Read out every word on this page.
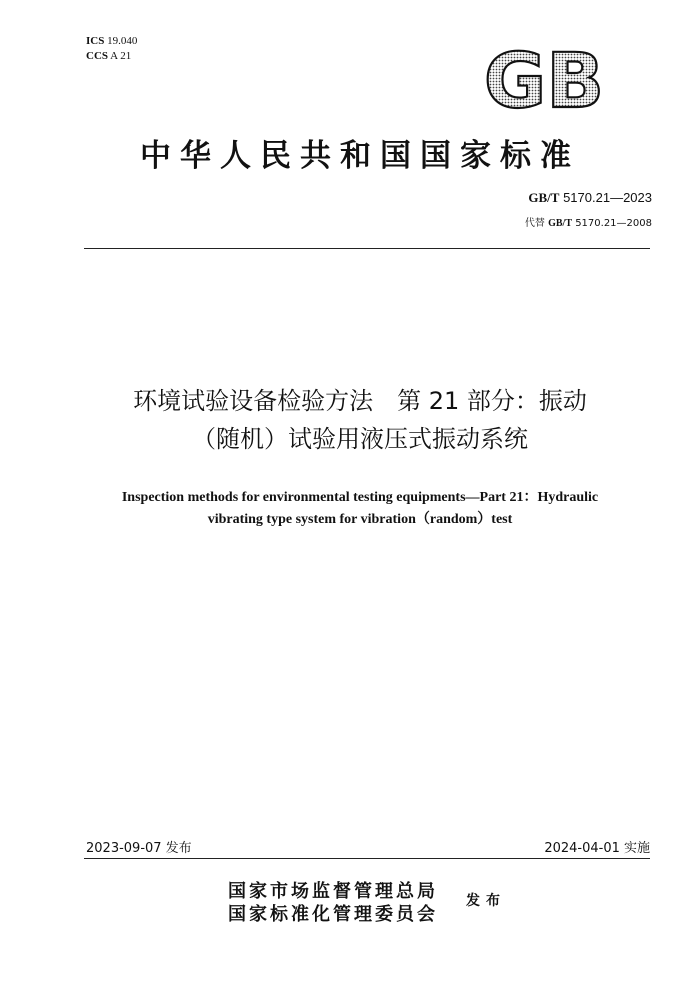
ICS 19.040
CCS A 21	GB
中华人民共和国国家标准
GB/T 5170.21—2023
代替 GB/T 5170.21—2008
环境试验设备检验方法　第 21 部分：振动
（随机）试验用液压式振动系统
Inspection methods for environmental testing equipments—Part 21：Hydraulic
vibrating type system for vibration（random）test
2023-09-07 发布	2024-04-01 实施
国家市场监督管理总局
国家标准化管理委员会
发布
